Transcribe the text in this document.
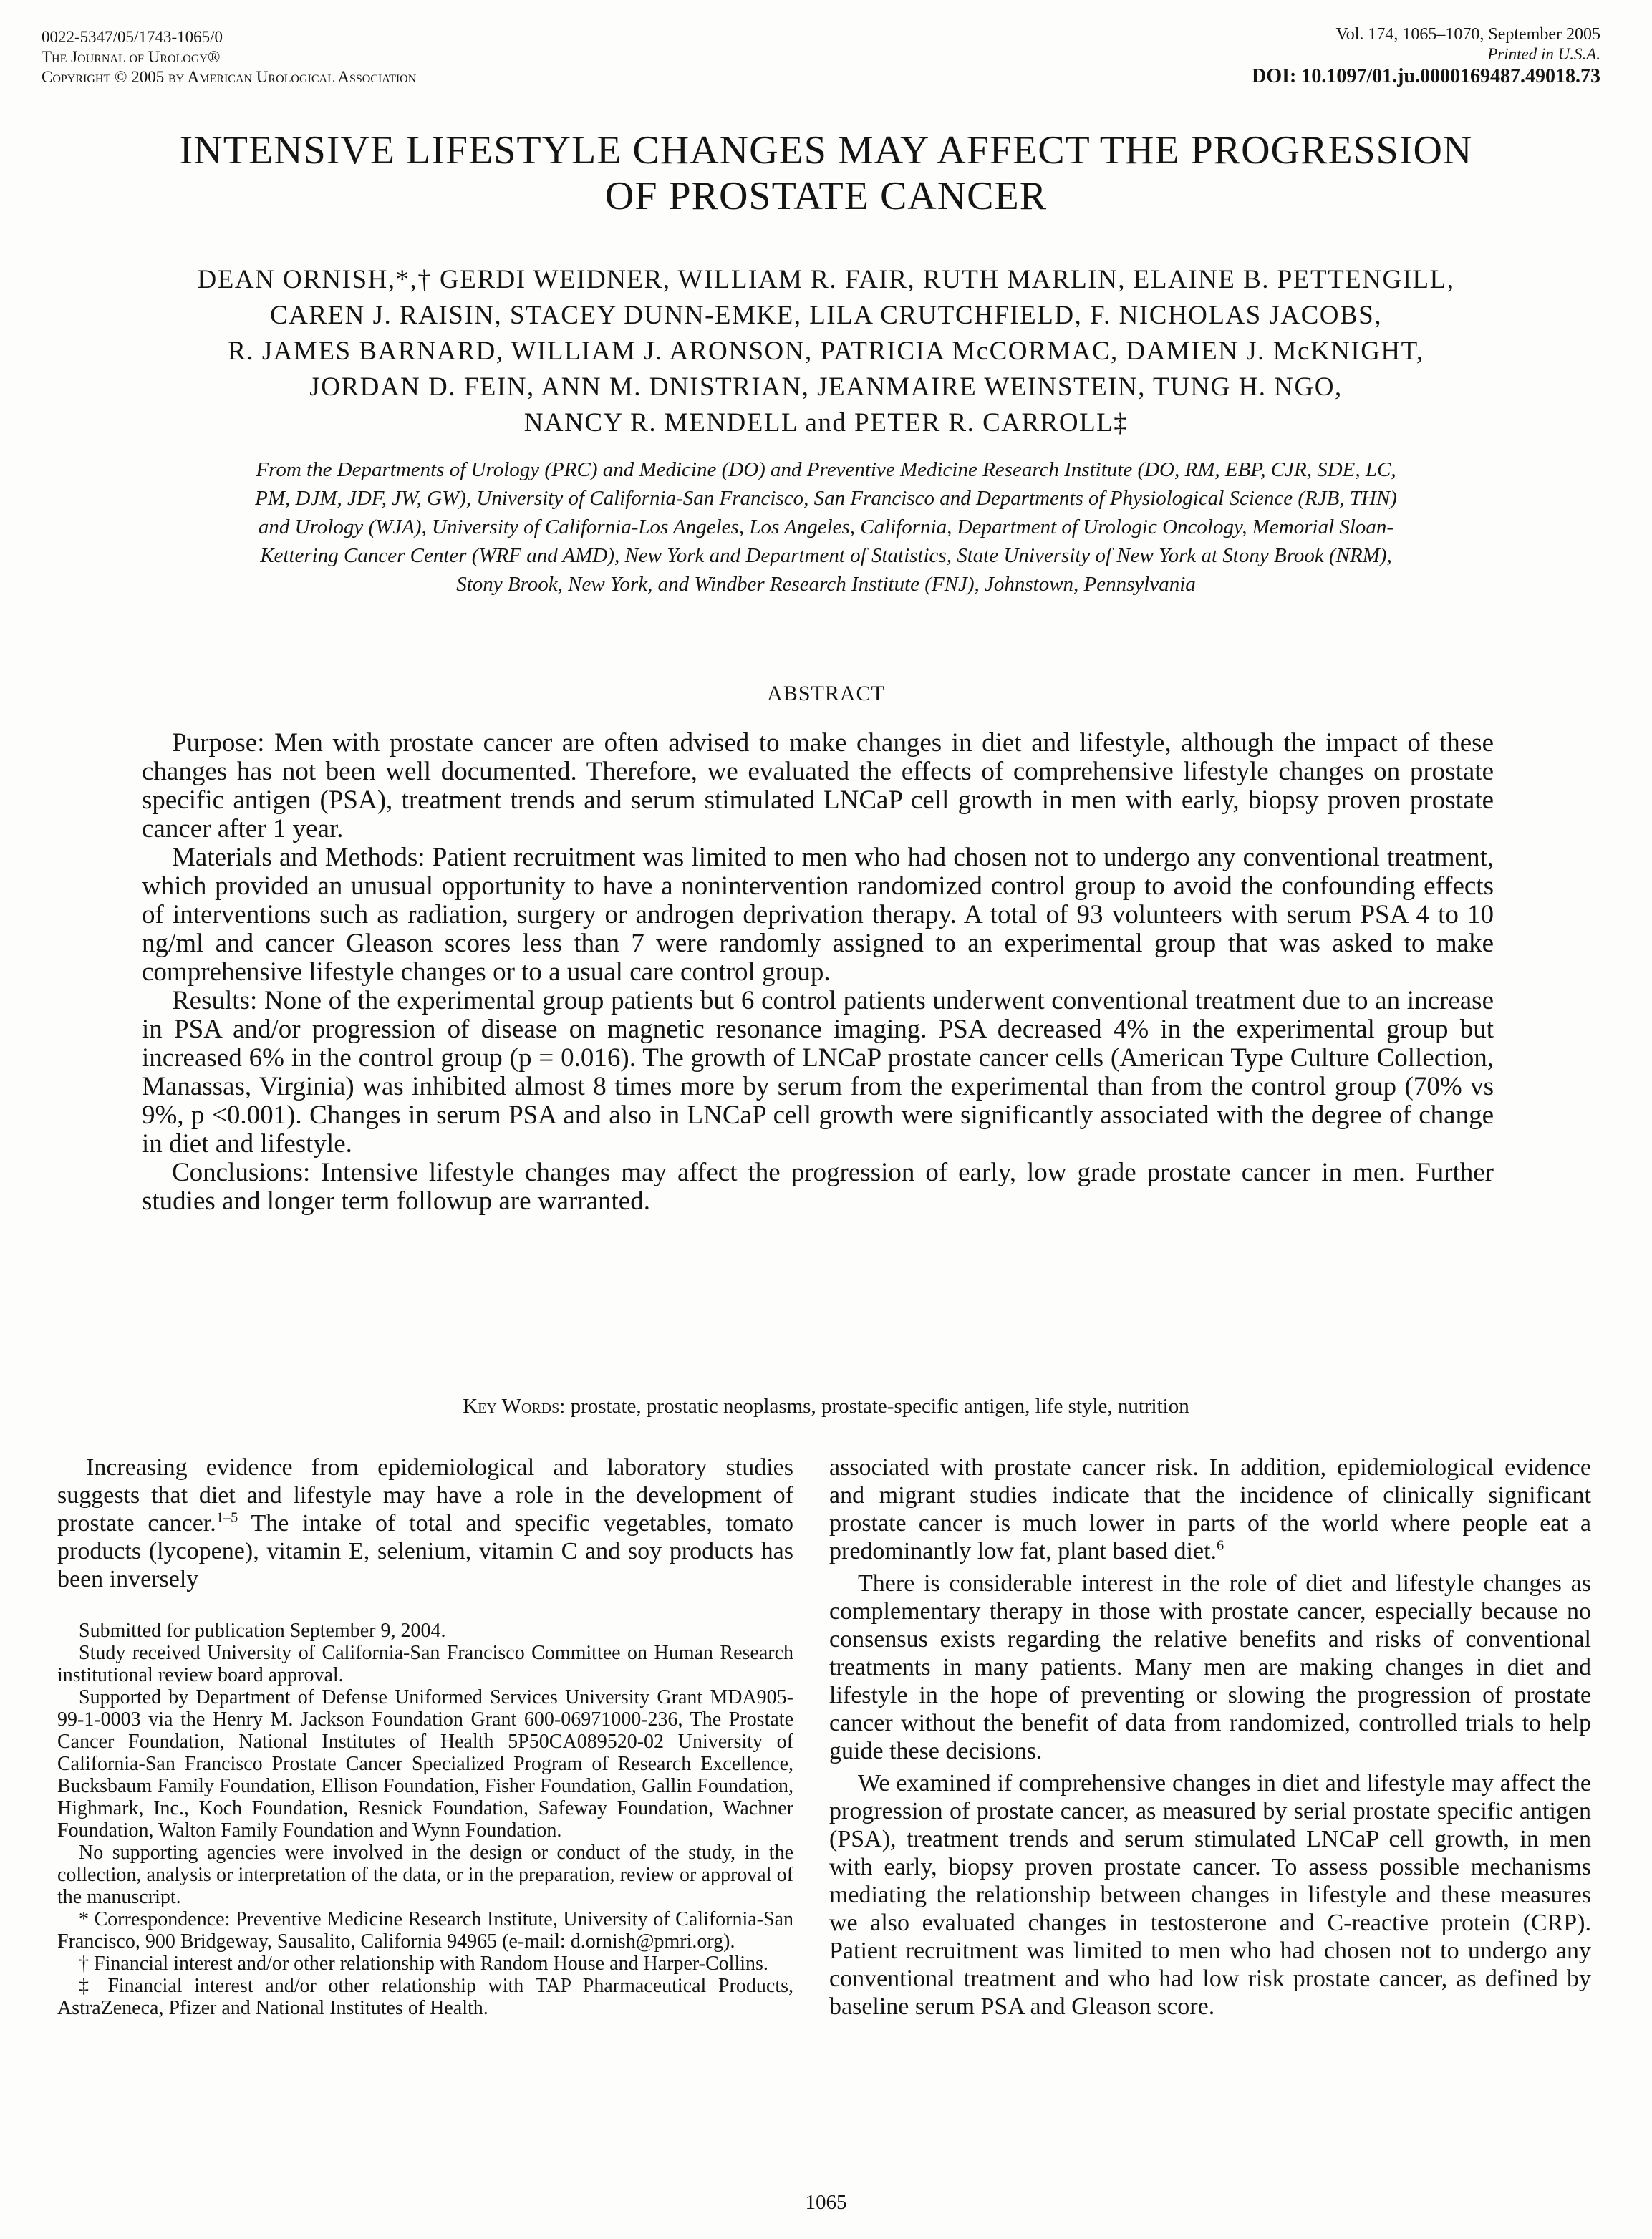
0022-5347/05/1743-1065/0
The Journal of Urology®
Copyright © 2005 by American Urological Association
Vol. 174, 1065–1070, September 2005
Printed in U.S.A.
DOI: 10.1097/01.ju.0000169487.49018.73
INTENSIVE LIFESTYLE CHANGES MAY AFFECT THE PROGRESSION
OF PROSTATE CANCER
DEAN ORNISH,*,† GERDI WEIDNER, WILLIAM R. FAIR, RUTH MARLIN, ELAINE B. PETTENGILL,
CAREN J. RAISIN, STACEY DUNN-EMKE, LILA CRUTCHFIELD, F. NICHOLAS JACOBS,
R. JAMES BARNARD, WILLIAM J. ARONSON, PATRICIA McCORMAC, DAMIEN J. McKNIGHT,
JORDAN D. FEIN, ANN M. DNISTRIAN, JEANMAIRE WEINSTEIN, TUNG H. NGO,
NANCY R. MENDELL and PETER R. CARROLL‡
From the Departments of Urology (PRC) and Medicine (DO) and Preventive Medicine Research Institute (DO, RM, EBP, CJR, SDE, LC,
PM, DJM, JDF, JW, GW), University of California-San Francisco, San Francisco and Departments of Physiological Science (RJB, THN)
and Urology (WJA), University of California-Los Angeles, Los Angeles, California, Department of Urologic Oncology, Memorial Sloan-
Kettering Cancer Center (WRF and AMD), New York and Department of Statistics, State University of New York at Stony Brook (NRM),
Stony Brook, New York, and Windber Research Institute (FNJ), Johnstown, Pennsylvania
ABSTRACT

Purpose: Men with prostate cancer are often advised to make changes in diet and lifestyle, although the impact of these changes has not been well documented. Therefore, we evaluated the effects of comprehensive lifestyle changes on prostate specific antigen (PSA), treatment trends and serum stimulated LNCaP cell growth in men with early, biopsy proven prostate cancer after 1 year.

Materials and Methods: Patient recruitment was limited to men who had chosen not to undergo any conventional treatment, which provided an unusual opportunity to have a nonintervention randomized control group to avoid the confounding effects of interventions such as radiation, surgery or androgen deprivation therapy. A total of 93 volunteers with serum PSA 4 to 10 ng/ml and cancer Gleason scores less than 7 were randomly assigned to an experimental group that was asked to make comprehensive lifestyle changes or to a usual care control group.

Results: None of the experimental group patients but 6 control patients underwent conventional treatment due to an increase in PSA and/or progression of disease on magnetic resonance imaging. PSA decreased 4% in the experimental group but increased 6% in the control group (p = 0.016). The growth of LNCaP prostate cancer cells (American Type Culture Collection, Manassas, Virginia) was inhibited almost 8 times more by serum from the experimental than from the control group (70% vs 9%, p <0.001). Changes in serum PSA and also in LNCaP cell growth were significantly associated with the degree of change in diet and lifestyle.

Conclusions: Intensive lifestyle changes may affect the progression of early, low grade prostate cancer in men. Further studies and longer term followup are warranted.

Key Words: prostate, prostatic neoplasms, prostate-specific antigen, life style, nutrition

Increasing evidence from epidemiological and laboratory studies suggests that diet and lifestyle may have a role in the development of prostate cancer.$^{1-5}$ The intake of total and specific vegetables, tomato products (lycopene), vitamin E, selenium, vitamin C and soy products has been inversely

Submitted for publication September 9, 2004.

Study received University of California-San Francisco Committee on Human Research institutional review board approval.

Supported by Department of Defense Uniformed Services University Grant MDA905-99-1-0003 via the Henry M. Jackson Foundation Grant 600-06971000-236, The Prostate Cancer Foundation, National Institutes of Health 5P50CA089520-02 University of California-San Francisco Prostate Cancer Specialized Program of Research Excellence, Bucksbaum Family Foundation, Ellison Foundation, Fisher Foundation, Gallin Foundation, Highmark, Inc., Koch Foundation, Resnick Foundation, Safeway Foundation, Wachner Foundation, Walton Family Foundation and Wynn Foundation.

No supporting agencies were involved in the design or conduct of the study, in the collection, analysis or interpretation of the data, or in the preparation, review or approval of the manuscript.

* Correspondence: Preventive Medicine Research Institute, University of California-San Francisco, 900 Bridgeway, Sausalito, California 94965 (e-mail: d.ornish@pmri.org).

† Financial interest and/or other relationship with Random House and Harper-Collins.

‡ Financial interest and/or other relationship with TAP Pharmaceutical Products, AstraZeneca, Pfizer and National Institutes of Health.

associated with prostate cancer risk. In addition, epidemiological evidence and migrant studies indicate that the incidence of clinically significant prostate cancer is much lower in parts of the world where people eat a predominantly low fat, plant based diet.$^6$

There is considerable interest in the role of diet and lifestyle changes as complementary therapy in those with prostate cancer, especially because no consensus exists regarding the relative benefits and risks of conventional treatments in many patients. Many men are making changes in diet and lifestyle in the hope of preventing or slowing the progression of prostate cancer without the benefit of data from randomized, controlled trials to help guide these decisions.

We examined if comprehensive changes in diet and lifestyle may affect the progression of prostate cancer, as measured by serial prostate specific antigen (PSA), treatment trends and serum stimulated LNCaP cell growth, in men with early, biopsy proven prostate cancer. To assess possible mechanisms mediating the relationship between changes in lifestyle and these measures we also evaluated changes in testosterone and C-reactive protein (CRP). Patient recruitment was limited to men who had chosen not to undergo any conventional treatment and who had low risk prostate cancer, as defined by baseline serum PSA and Gleason score.

1065
